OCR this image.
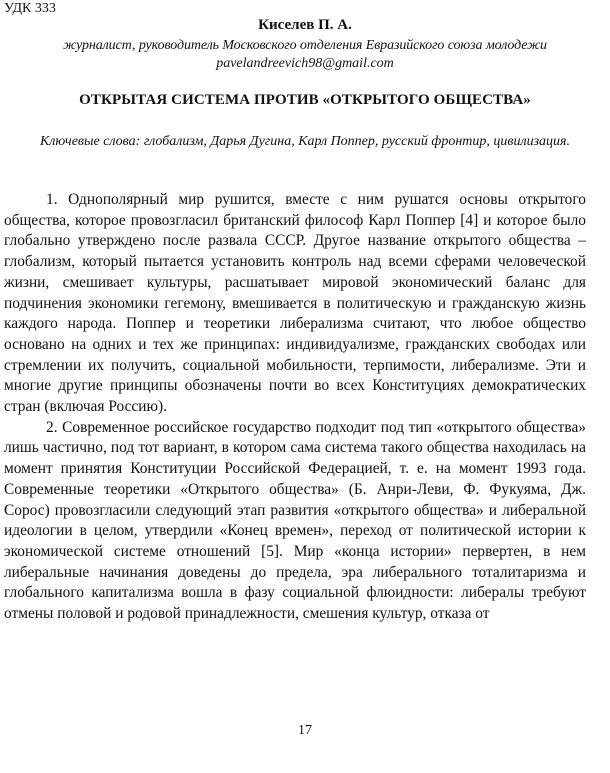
УДК 333
Киселев П. А.
журналист, руководитель Московского отделения Евразийского союза молодежи
pavelandreevich98@gmail.com
ОТКРЫТАЯ СИСТЕМА ПРОТИВ «ОТКРЫТОГО ОБЩЕСТВА»
Ключевые слова: глобализм, Дарья Дугина, Карл Поппер, русский фронтир, цивилизация.

1. Однополярный мир рушится, вместе с ним рушатся основы открытого общества, которое провозгласил британский философ Карл Поппер [4] и которое было глобально утверждено после развала СССР. Другое название открытого общества – глобализм, который пытается установить контроль над всеми сферами человеческой жизни, смешивает культуры, расшатывает мировой экономический баланс для подчинения экономики гегемону, вмешивается в политическую и гражданскую жизнь каждого народа. Поппер и теоретики либерализма считают, что любое общество основано на одних и тех же принципах: индивидуализме, гражданских свободах или стремлении их получить, социальной мобильности, терпимости, либерализме. Эти и многие другие принципы обозначены почти во всех Конституциях демократических стран (включая Россию).

2. Современное российское государство подходит под тип «открытого общества» лишь частично, под тот вариант, в котором сама система такого общества находилась на момент принятия Конституции Российской Федерацией, т. е. на момент 1993 года. Современные теоретики «Открытого общества» (Б. Анри-Леви, Ф. Фукуяма, Дж. Сорос) провозгласили следующий этап развития «открытого общества» и либеральной идеологии в целом, утвердили «Конец времен», переход от политической истории к экономической системе отношений [5]. Мир «конца истории» первертен, в нем либеральные начинания доведены до предела, эра либерального тоталитаризма и глобального капитализма вошла в фазу социальной флюидности: либералы требуют отмены половой и родовой принадлежности, смешения культур, отказа от

17
